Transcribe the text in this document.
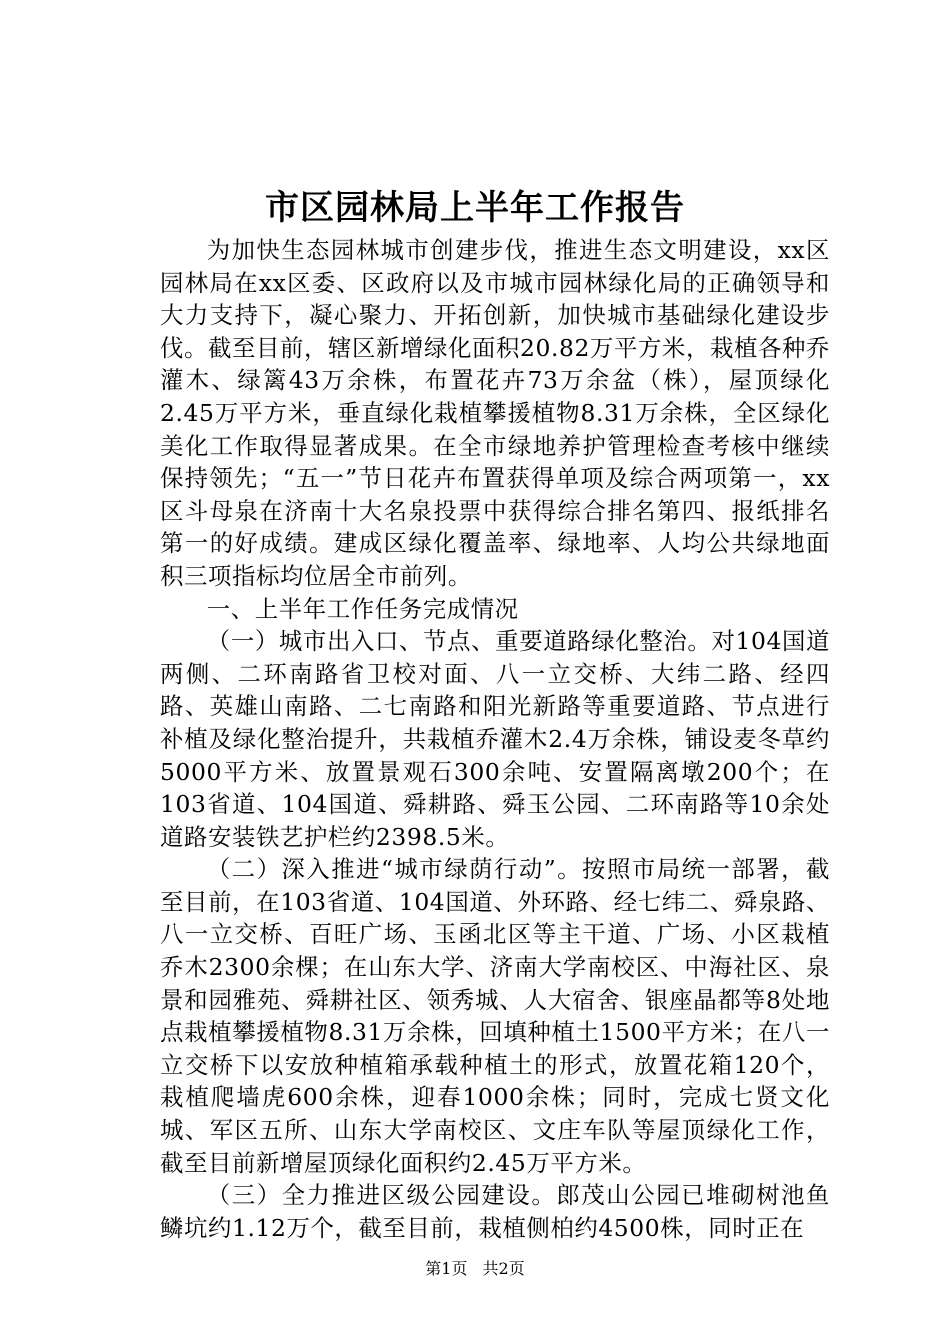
市区园林局上半年工作报告

为加快生态园林城市创建步伐，推进生态文明建设，xx区园林局在xx区委、区政府以及市城市园林绿化局的正确领导和大力支持下，凝心聚力、开拓创新，加快城市基础绿化建设步伐。截至目前，辖区新增绿化面积20.82万平方米，栽植各种乔灌木、绿篱43万余株，布置花卉73万余盆（株），屋顶绿化2.45万平方米，垂直绿化栽植攀援植物8.31万余株，全区绿化美化工作取得显著成果。在全市绿地养护管理检查考核中继续保持领先；“五一”节日花卉布置获得单项及综合两项第一，xx区斗母泉在济南十大名泉投票中获得综合排名第四、报纸排名第一的好成绩。建成区绿化覆盖率、绿地率、人均公共绿地面积三项指标均位居全市前列。

一、上半年工作任务完成情况

（一）城市出入口、节点、重要道路绿化整治。对104国道两侧、二环南路省卫校对面、八一立交桥、大纬二路、经四路、英雄山南路、二七南路和阳光新路等重要道路、节点进行补植及绿化整治提升，共栽植乔灌木2.4万余株，铺设麦冬草约5000平方米、放置景观石300余吨、安置隔离墩200个；在103省道、104国道、舜耕路、舜玉公园、二环南路等10余处道路安装铁艺护栏约2398.5米。

（二）深入推进“城市绿荫行动”。按照市局统一部署，截至目前，在103省道、104国道、外环路、经七纬二、舜泉路、八一立交桥、百旺广场、玉函北区等主干道、广场、小区栽植乔木2300余棵；在山东大学、济南大学南校区、中海社区、泉景和园雅苑、舜耕社区、领秀城、人大宿舍、银座晶都等8处地点栽植攀援植物8.31万余株，回填种植土1500平方米；在八一立交桥下以安放种植箱承载种植土的形式，放置花箱120个，栽植爬墙虎600余株，迎春1000余株；同时，完成七贤文化城、军区五所、山东大学南校区、文庄车队等屋顶绿化工作，截至目前新增屋顶绿化面积约2.45万平方米。

（三）全力推进区级公园建设。郎茂山公园已堆砌树池鱼鳞坑约1.12万个，截至目前，栽植侧柏约4500株，同时正在

第1页 共2页
